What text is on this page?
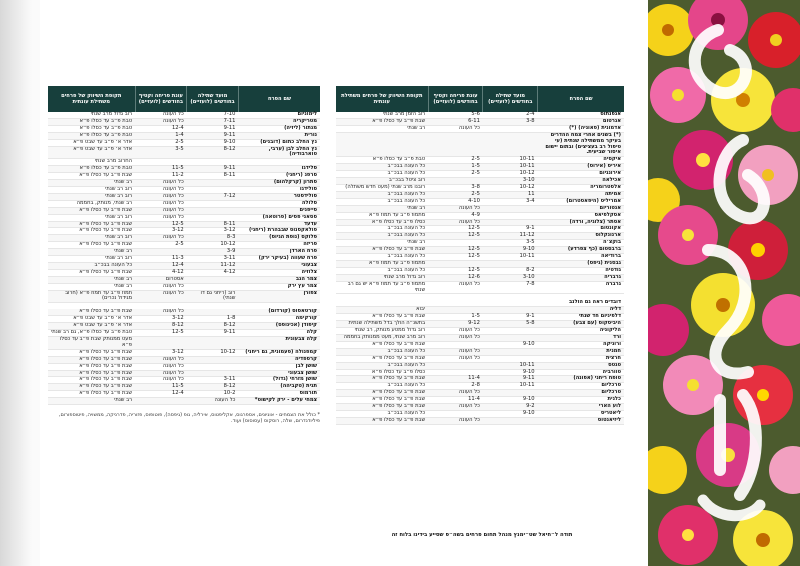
שם הפרח	מועד שתילה בחודשים (לועזיים)	עונת פריחה וקטיף בחודשים (לועזיים)	תקופת השיווק של פרחים משתילת עונתית
לימוניום	7-10	כל העונה	רוב גדול מרב שנתי
מטריקריה	7-11	כל העונה	טבת פ״ב עד כסלו פ״א
מנתור (ליזיה)	9-11	12-4	טבת פ״ב עד כסלו פ״א
נורית	9-11	1-4	טבת פ״ב עד כסלו פ״א
נץ החלב כתום (דובנים)	9-10	2-5	אדר א׳ פ״ב עד שבט פ״א
נץ החלב לבן (ערבי, טוארבודיה)	8-12	3-5	אדר א׳ פ״ב עד שבט פ״א
			החרוב מרב שנתי
סלידגו	9-11	11-5	טבת פ״ב עד כסלו פ״א
סרפנ (ריחני)	8-11	11-2	שבת פ״ב עד כסלו פ״א
סתרון (קרקלהום)		כל העונה	רב שנתי
סולידגו		כל העונה	רוב רב שנתי
סולידסטר	7-12	כל העונה	רוב רב שנתי
סלולה		כל העונה	רב שנתי, מנותק, בחממה
סייפנים		כל העונה	שבת פ״ב עד כסלו פ״א
ססאני פסים (פרוטאה)		כל העונה	רוב רב שנתי
עדעד	8-11	12-5	שבת פ״ב עד כסלו פ״א
פולאקסנוס שבבהרת (ריחני)	3-12	3-12	שבת פ״ב עד כסלו פ״א
פלוקס (נופת הגיוס)	8-3	כל העונה	רוב רב שנתי
פריזה	10-12	2-5	שבת פ״ב עד כסלו פ״א
פרח הארדן	3-9		רב שנתי
פרח שעווה (בעיקר ירק)	3-11	11-3	רוב רב שנתי
צבעוני	11-12	12-4	כל העונה בבכ״ב
צלוזיה	4-12	4-12	שבת פ״ב עד כסלו פ״א
צמר הגב		אסטרום	רב שנתי
צמר עץ ירק		כל העונה	רב שנתי
צפורן	רוב (ריחני גם דו שנתי)	כל העונה	תמוז פ״ב עד תמוז פ״א (חרוב מגידול נכרים)

קורטאסוס (קורדום)		כל העונה	שבת פ״ב עד כסלו פ״א
קורקימה	1-8	3-12	אדר א׳ פ״ב עד שבט פ״א
קיפודן (אכינופס)	8-12	8-12	אדר א׳ פ״ב עד שבט פ״א
קלה	9-11	12-5	טבת פ״ב עד כסלו פ״א, גם רב שנתי
קלה צבעונית			מעט ממנותק שבת פ״ב עד כסלו פ״א
קמפנולה (פעמונית, גם ריחני)	10-12	3-12	שבת פ״ב עד כסלו פ״א
קרספדיה		כל העונה	שבת פ״ב עד כסלו פ״א
שושן לבן		כל העונה	שבת פ״ב עד כסלו פ״א
שושן צבעוני		כל העונה	שבת פ״ב עד כסלו פ״א
שושן מזרחי (גדול)	3-11	כל העונה	שבת פ״ב עד כסלו פ״א
תגית (טקביהה)	8-12	11-5	שבת פ״ב עד כסלו פ״א
תורמוס	10-2	12-4	שבת פ״ב עד כסלו פ״א
צמחי עלים - ירק לקישוט*	כל העונה		רב שנתי
* כולל את הצמחים - אוניונים, אספרגוס, אקליפטוס, אירליה, גופ (גיפסה), פוטופוס, פזוריה, פדרניקה, ממשויה, פיטוספורום, פיליודנדרום, שלה, רוסקוס (עסוסוס) ועוד.
שם הפרח	מועד שתילה בחודשים (לועזיים)	עונת פריחה וקטיף בחודשים (לועזיים)	תקופת השיווק של פרחים משתילת עונתית
אגפנתוס	2-4	5-6	רוב הזמן מרב שנתי
אגרטום	3-8	6-11	שבת פ״ב עד כסלו פ״א
אדמונית (פאוניה) (*)		כל העונה	רב שנתי
(*) בשנים אחרי צמח ההדרים בעיקר ממשתילה שנתית (עי טיפול רב בעציצים) ובתום יישום איסור שביעית.			
איקסיה	10-11	2-5	טבת פ״ב עד כסלו פ״א
איריס (אירוס)	10-11	1-5	כל העונה בבכ״ב
אירונגיום	10-12	2-5	כל העונה בבכ״ב
אכילאה	3-10		רוב ציטל בבכ״ב
אלסטרומריה	10-12	3-8	רובנו מרב שנתי (מעט חדש משתלה)
אמיתה	11	2-5	כל העונה בבכ״ב
אמריליס (היפאסטרום)	3-4	4-10	כל העונה בבכ״ב
אנטוריום		כל העונה	רב שנתי
אסקלפיאס		4-9	מתמוז פ״ב עד תמוז פ״א
אסתר (צלוגיה, ורדה)		כל העונה	כסלו פ״ב עד כסלו פ״א
אקונטום	9-1	12-5	כל העונה בבכ״ב
ארנונקלוס	11-12	12-5	כל העונה בבכ״ב
בוקצ׳ה	3-5		רב שנתי
ברבסטום (כף צפרדע)	9-10	12-5	שבת פ״ב עד כסלו פ״א
ברודיאה	10-11	12-5	כל העונה בבכ״ב
גבסנית (גיפס)			מתמוז פ״ב עד תמוז פ״א
גודטיה	8-2	12-5	כל העונה בבכ״ב
גרבריה	3-10	12-6	רוב גדול מרב שנתי
גרברה	7-8	כל העונה	מתמוז פ״ב עד תמוז פ״א יש גם רב שנתי

דובדים ראה גם הולנב			
דליה			יבוא
דלפיניום חד שנתי	9-1	1-5	שבת פ״ב עד כסלו פ״א
היביסקוס (עם צבע)	5-8	9-12	בתשנ״ה הולך בדל משתילה שנתית
הליקוניה		כל העונה	רוב גדול ממטע מנותק, רב שנתי
ורד		כל העונה	רוב מרב שנתי, מעט ממנותק בחממה
ורוניקה	9-10		שבת פ״ב עד כסלו פ״א
חמנית		כל העונה	כל העונה בבכ״ב
חרצית		כל העונה	שבת פ״ב עד כסלו פ״א
טגטס	10-11		כל העונה בבכ״ב
טוורביה	9-10		כסלו פ״ב עד כסלו פ״א
טופח ריחני (אפונה)	9-11	11-4	שבת פ״ב עד כסלו פ״א
טרכליום	10-11	2-8	כל העונה בבכ״ב
טרכליום		כל העונה	שבת פ״ב עד כסלו פ״א
כלנית	9-10	11-4	שבת פ״ב עד כסלו פ״א
לוע הארי	9-2	כל העונה	שבת פ״ב עד כסלו פ״א
ליאטריס	9-10		כל העונה בבכ״ב
ליזיאנטוס		כל העונה	שבת פ״ב עד כסלו פ״א
תודה ל״חיאל שט״ימנץ מנהל תחום פרחים בשה״פ שסייע בידינו בלוח זה
